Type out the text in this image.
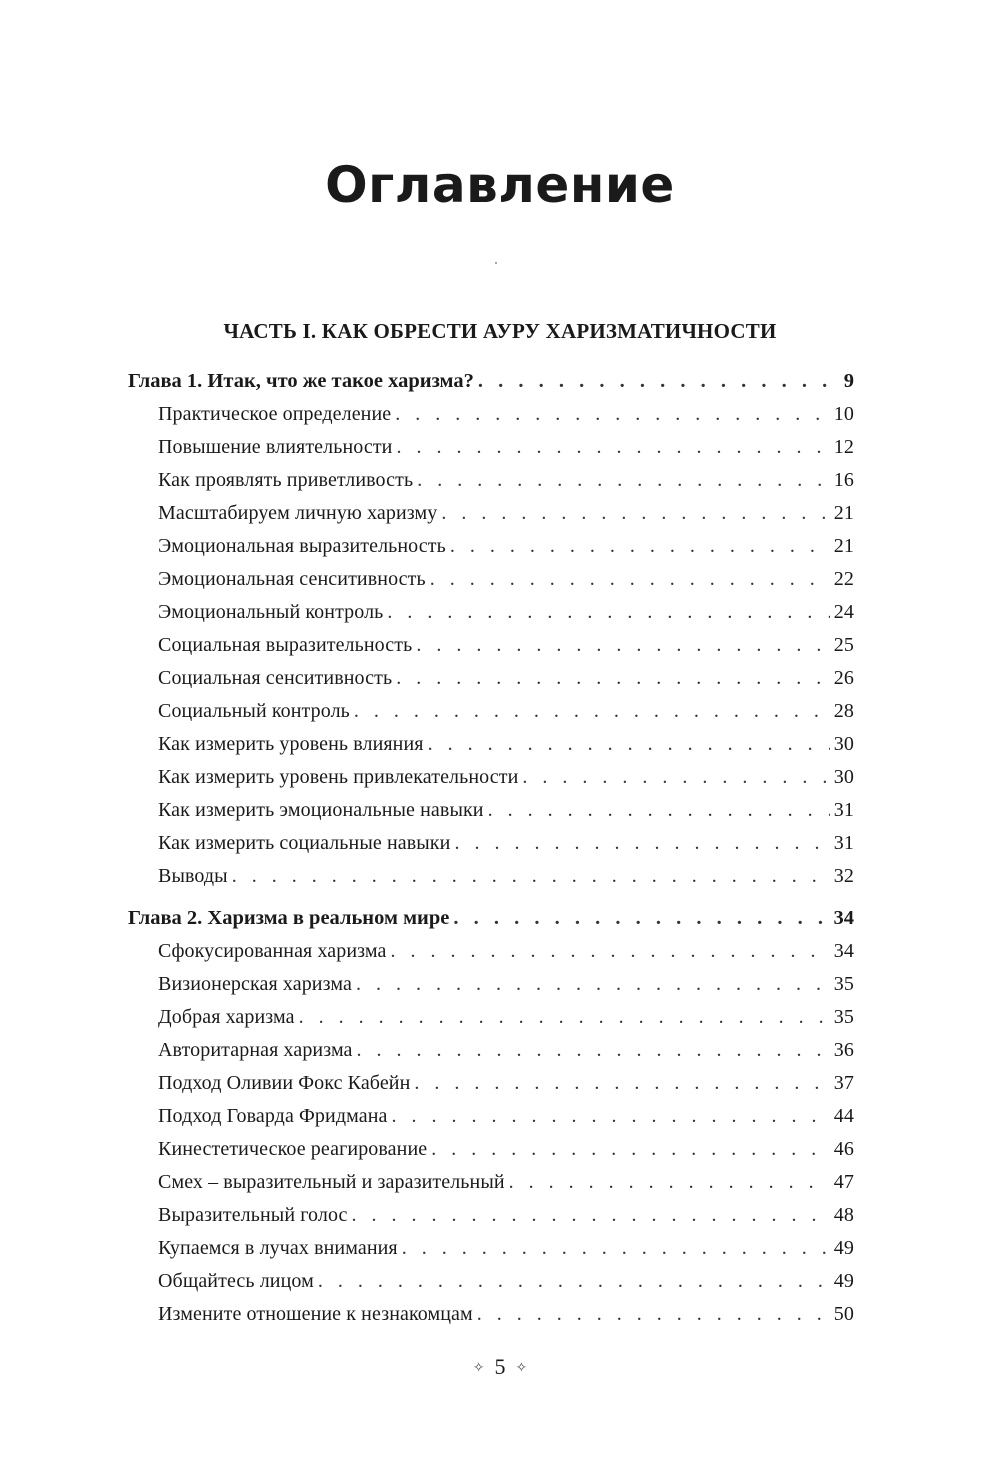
Оглавление
ЧАСТЬ I. КАК ОБРЕСТИ АУРУ ХАРИЗМАТИЧНОСТИ
Глава 1. Итак, что же такое харизма? . . .	9
Практическое определение . . .	10
Повышение влиятельности . . .	12
Как проявлять приветливость . . .	16
Масштабируем личную харизму . . .	21
Эмоциональная выразительность . . .	21
Эмоциональная сенситивность . . .	22
Эмоциональный контроль . . .	24
Социальная выразительность . . .	25
Социальная сенситивность . . .	26
Социальный контроль . . .	28
Как измерить уровень влияния . . .	30
Как измерить уровень привлекательности . . .	30
Как измерить эмоциональные навыки . . .	31
Как измерить социальные навыки . . .	31
Выводы . . .	32
Глава 2. Харизма в реальном мире . . .	34
Сфокусированная харизма . . .	34
Визионерская харизма . . .	35
Добрая харизма . . .	35
Авторитарная харизма . . .	36
Подход Оливии Фокс Кабейн . . .	37
Подход Говарда Фридмана . . .	44
Кинестетическое реагирование . . .	46
Смех – выразительный и заразительный . . .	47
Выразительный голос . . .	48
Купаемся в лучах внимания . . .	49
Общайтесь лицом . . .	49
Измените отношение к незнакомцам . . .	50
✧ 5 ✧
